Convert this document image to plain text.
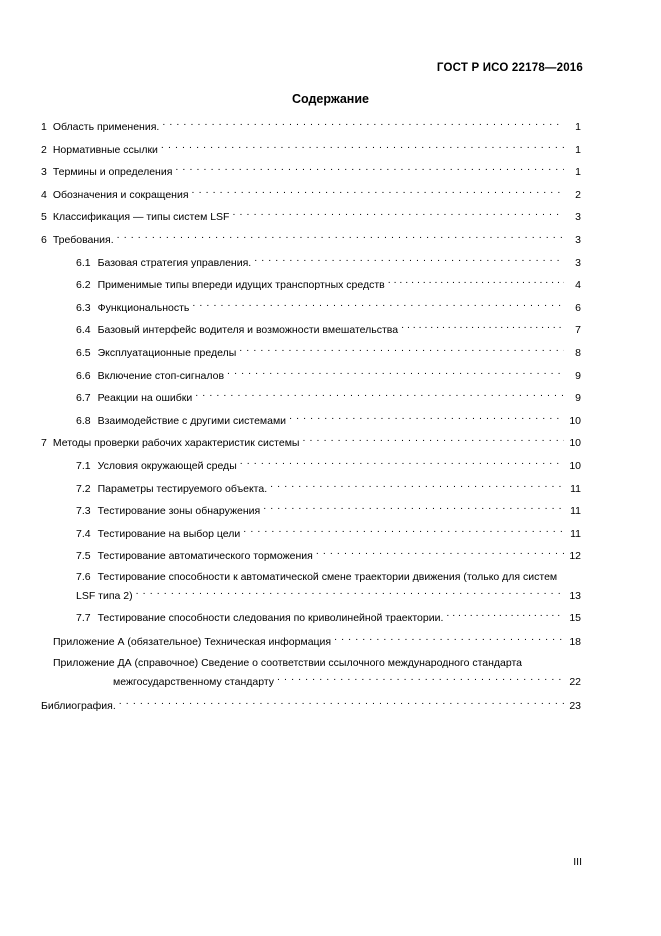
ГОСТ Р ИСО 22178—2016
Содержание
1 Область применения. . . .	1
2 Нормативные ссылки . . .	1
3 Термины и определения . . .	1
4 Обозначения и сокращения . . .	2
5 Классификация — типы систем LSF . . .	3
6 Требования. . . .	3
6.1 Базовая стратегия управления. . . .	3
6.2 Применимые типы впереди идущих транспортных средств . . .	4
6.3 Функциональность . . .	6
6.4 Базовый интерфейс водителя и возможности вмешательства . . .	7
6.5 Эксплуатационные пределы . . .	8
6.6 Включение стоп-сигналов . . .	9
6.7 Реакции на ошибки . . .	9
6.8 Взаимодействие с другими системами . . .	10
7 Методы проверки рабочих характеристик системы . . .	10
7.1 Условия окружающей среды . . .	10
7.2 Параметры тестируемого объекта. . . .	11
7.3 Тестирование зоны обнаружения . . .	11
7.4 Тестирование на выбор цели . . .	11
7.5 Тестирование автоматического торможения . . .	12
7.6 Тестирование способности к автоматической смене траектории движения (только для систем
LSF типа 2) . . .	13
7.7 Тестирование способности следования по криволинейной траектории. . . .	15
Приложение А (обязательное) Техническая информация . . .	18
Приложение ДА (справочное) Сведение о соответствии ссылочного международного стандарта
межгосударственному стандарту . . .	22
Библиография. . . .	23
III
